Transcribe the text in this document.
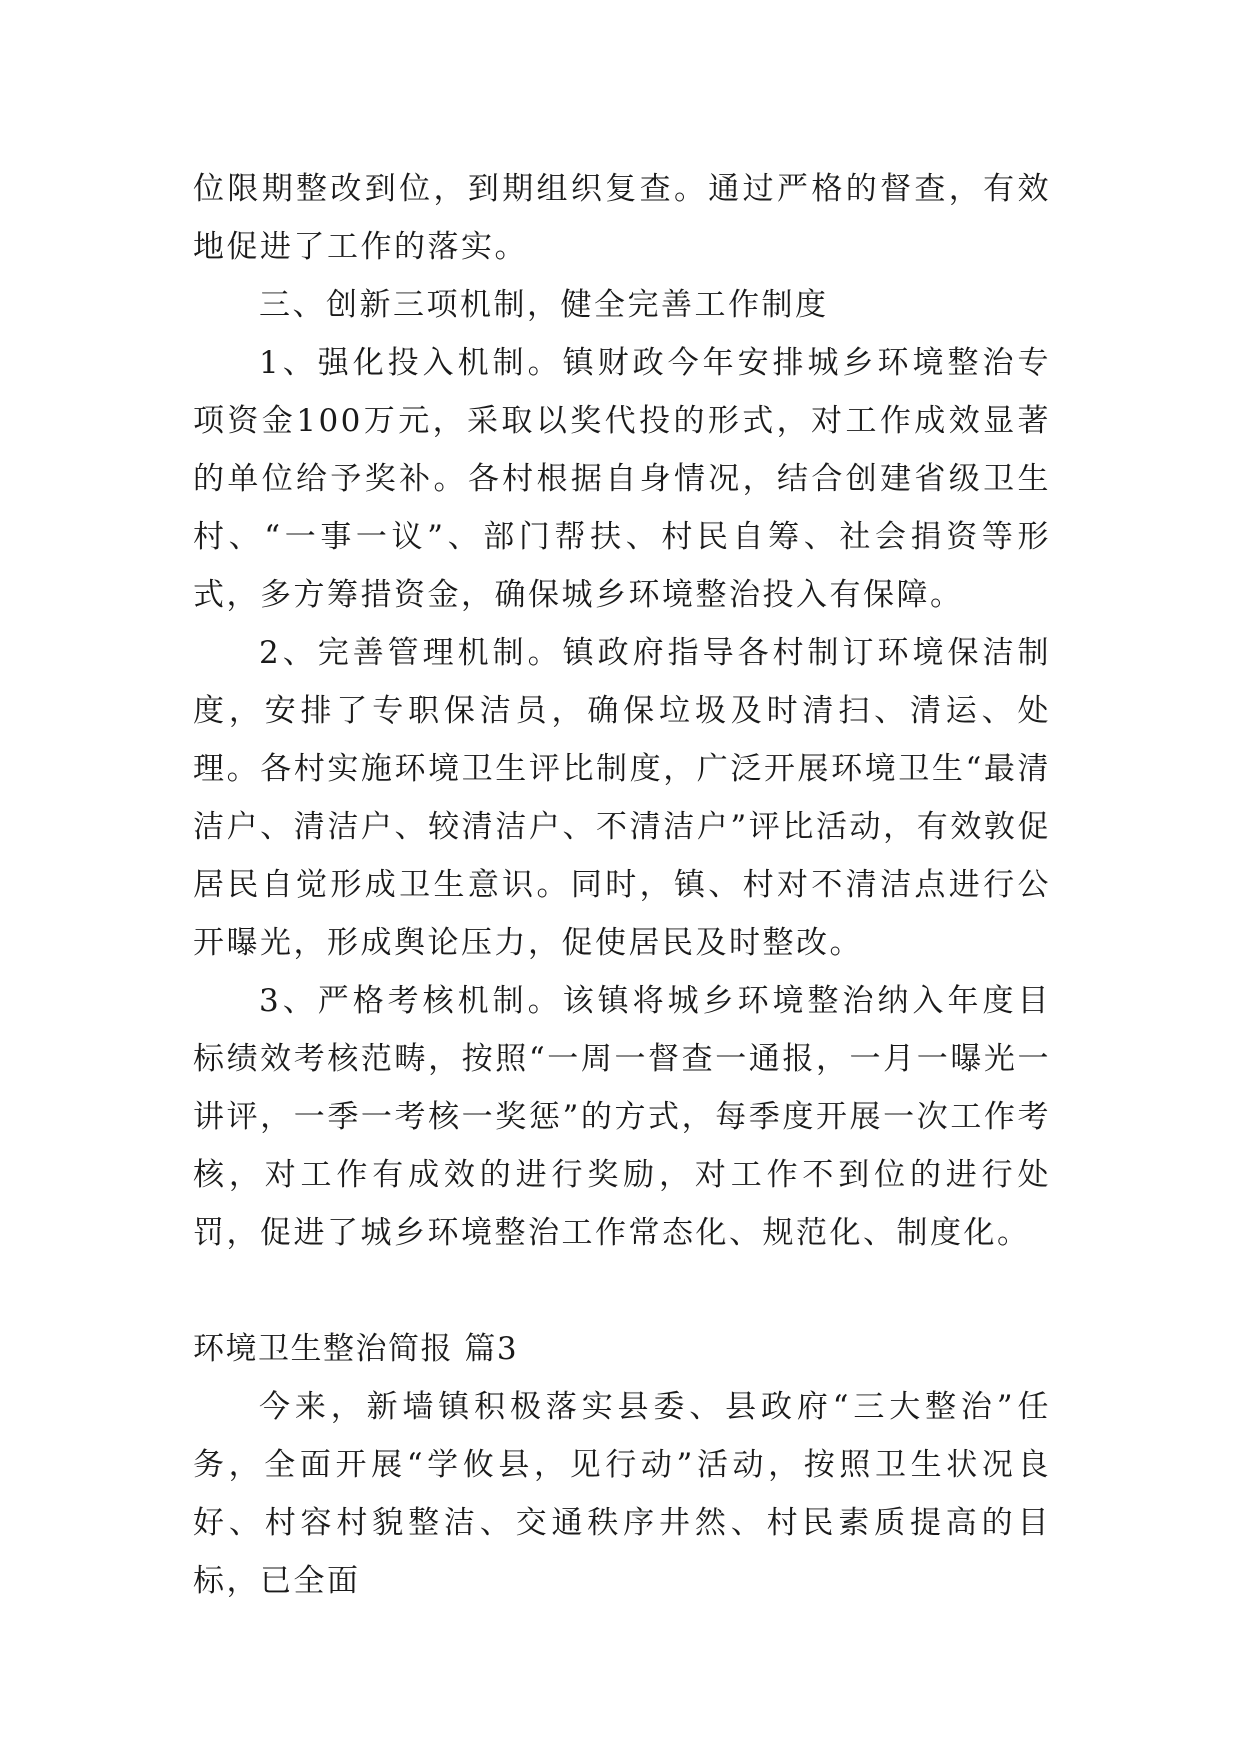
位限期整改到位，到期组织复查。通过严格的督查，有效地促进了工作的落实。

三、创新三项机制，健全完善工作制度

1、强化投入机制。镇财政今年安排城乡环境整治专项资金100万元，采取以奖代投的形式，对工作成效显著的单位给予奖补。各村根据自身情况，结合创建省级卫生村、“一事一议”、部门帮扶、村民自筹、社会捐资等形式，多方筹措资金，确保城乡环境整治投入有保障。

2、完善管理机制。镇政府指导各村制订环境保洁制度，安排了专职保洁员，确保垃圾及时清扫、清运、处理。各村实施环境卫生评比制度，广泛开展环境卫生“最清洁户、清洁户、较清洁户、不清洁户”评比活动，有效敦促居民自觉形成卫生意识。同时，镇、村对不清洁点进行公开曝光，形成舆论压力，促使居民及时整改。

3、严格考核机制。该镇将城乡环境整治纳入年度目标绩效考核范畴，按照“一周一督查一通报，一月一曝光一讲评，一季一考核一奖惩”的方式，每季度开展一次工作考核，对工作有成效的进行奖励，对工作不到位的进行处罚，促进了城乡环境整治工作常态化、规范化、制度化。

环境卫生整治简报 篇3

今来，新墙镇积极落实县委、县政府“三大整治”任务，全面开展“学攸县，见行动”活动，按照卫生状况良好、村容村貌整洁、交通秩序井然、村民素质提高的目标，已全面
